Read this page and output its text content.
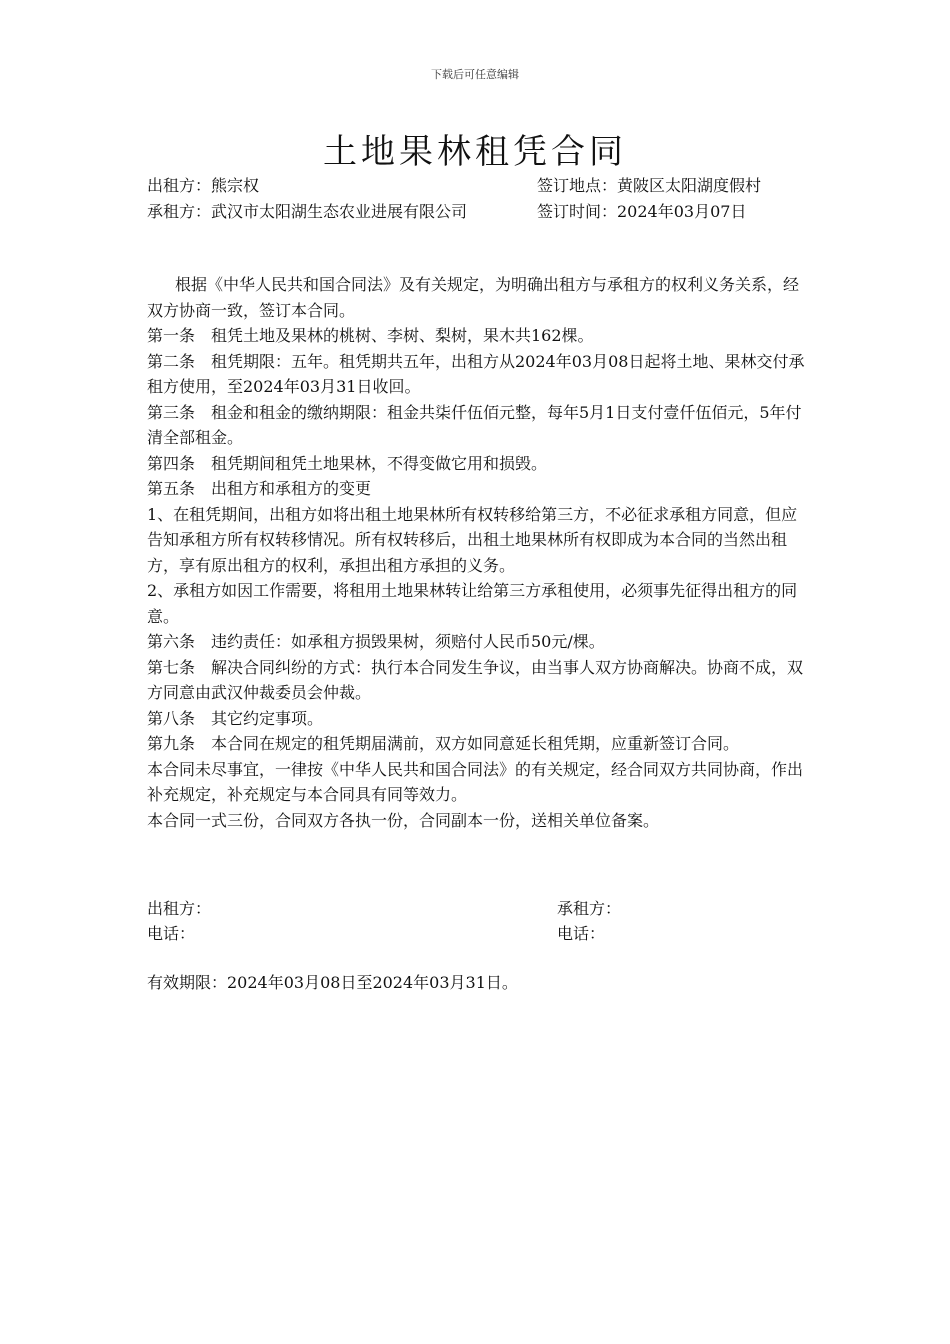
下载后可任意编辑
土地果林租凭合同
出租方：熊宗权	签订地点：黄陂区太阳湖度假村
承租方：武汉市太阳湖生态农业进展有限公司	签订时间：2024年03月07日

根据《中华人民共和国合同法》及有关规定，为明确出租方与承租方的权利义务关系，经双方协商一致，签订本合同。

第一条　租凭土地及果林的桃树、李树、梨树，果木共162棵。

第二条　租凭期限：五年。租凭期共五年，出租方从2024年03月08日起将土地、果林交付承租方使用，至2024年03月31日收回。

第三条　租金和租金的缴纳期限：租金共柒仟伍佰元整，每年5月1日支付壹仟伍佰元，5年付清全部租金。

第四条　租凭期间租凭土地果林，不得变做它用和损毁。

第五条　出租方和承租方的变更

1、在租凭期间，出租方如将出租土地果林所有权转移给第三方，不必征求承租方同意，但应告知承租方所有权转移情况。所有权转移后，出租土地果林所有权即成为本合同的当然出租方，享有原出租方的权利，承担出租方承担的义务。

2、承租方如因工作需要，将租用土地果林转让给第三方承租使用，必须事先征得出租方的同意。

第六条　违约责任：如承租方损毁果树，须赔付人民币50元/棵。

第七条　解决合同纠纷的方式：执行本合同发生争议，由当事人双方协商解决。协商不成，双方同意由武汉仲裁委员会仲裁。

第八条　其它约定事项。

第九条　本合同在规定的租凭期届满前，双方如同意延长租凭期，应重新签订合同。

本合同未尽事宜，一律按《中华人民共和国合同法》的有关规定，经合同双方共同协商，作出补充规定，补充规定与本合同具有同等效力。

本合同一式三份，合同双方各执一份，合同副本一份，送相关单位备案。

出租方：	承租方：
电话：	电话：
有效期限：2024年03月08日至2024年03月31日。
